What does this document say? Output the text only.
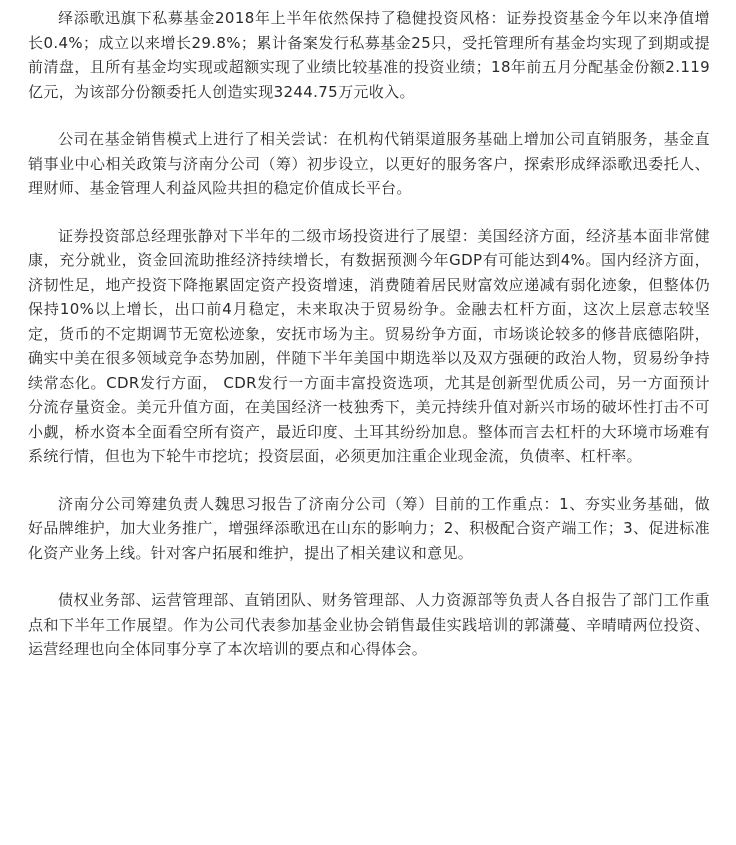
绎添歌迅旗下私募基金2018年上半年依然保持了稳健投资风格：证券投资基金今年以来净值增长0.4%；成立以来增长29.8%；累计备案发行私募基金25只，受托管理所有基金均实现了到期或提前清盘，且所有基金均实现或超额实现了业绩比较基准的投资业绩；18年前五月分配基金份额2.119亿元，为该部分份额委托人创造实现3244.75万元收入。

公司在基金销售模式上进行了相关尝试：在机构代销渠道服务基础上增加公司直销服务，基金直销事业中心相关政策与济南分公司（筹）初步设立，以更好的服务客户，探索形成绎添歌迅委托人、理财师、基金管理人利益风险共担的稳定价值成长平台。

证券投资部总经理张静对下半年的二级市场投资进行了展望：美国经济方面，经济基本面非常健康，充分就业，资金回流助推经济持续增长，有数据预测今年GDP有可能达到4%。国内经济方面，济韧性足，地产投资下降拖累固定资产投资增速，消费随着居民财富效应递减有弱化迹象，但整体仍保持10%以上增长，出口前4月稳定，未来取决于贸易纷争。金融去杠杆方面，这次上层意志较坚定，货币的不定期调节无宽松迹象，安抚市场为主。贸易纷争方面，市场谈论较多的修昔底德陷阱，确实中美在很多领域竞争态势加剧，伴随下半年美国中期选举以及双方强硬的政治人物，贸易纷争持续常态化。CDR发行方面， CDR发行一方面丰富投资选项，尤其是创新型优质公司，另一方面预计分流存量资金。美元升值方面，在美国经济一枝独秀下，美元持续升值对新兴市场的破坏性打击不可小觑，桥水资本全面看空所有资产，最近印度、土耳其纷纷加息。整体而言去杠杆的大环境市场难有系统行情，但也为下轮牛市挖坑；投资层面，必须更加注重企业现金流，负债率、杠杆率。

济南分公司筹建负责人魏思习报告了济南分公司（筹）目前的工作重点：1、夯实业务基础，做好品牌维护，加大业务推广，增强绎添歌迅在山东的影响力；2、积极配合资产端工作；3、促进标准化资产业务上线。针对客户拓展和维护，提出了相关建议和意见。

债权业务部、运营管理部、直销团队、财务管理部、人力资源部等负责人各自报告了部门工作重点和下半年工作展望。作为公司代表参加基金业协会销售最佳实践培训的郭潇蔓、辛晴晴两位投资、运营经理也向全体同事分享了本次培训的要点和心得体会。
